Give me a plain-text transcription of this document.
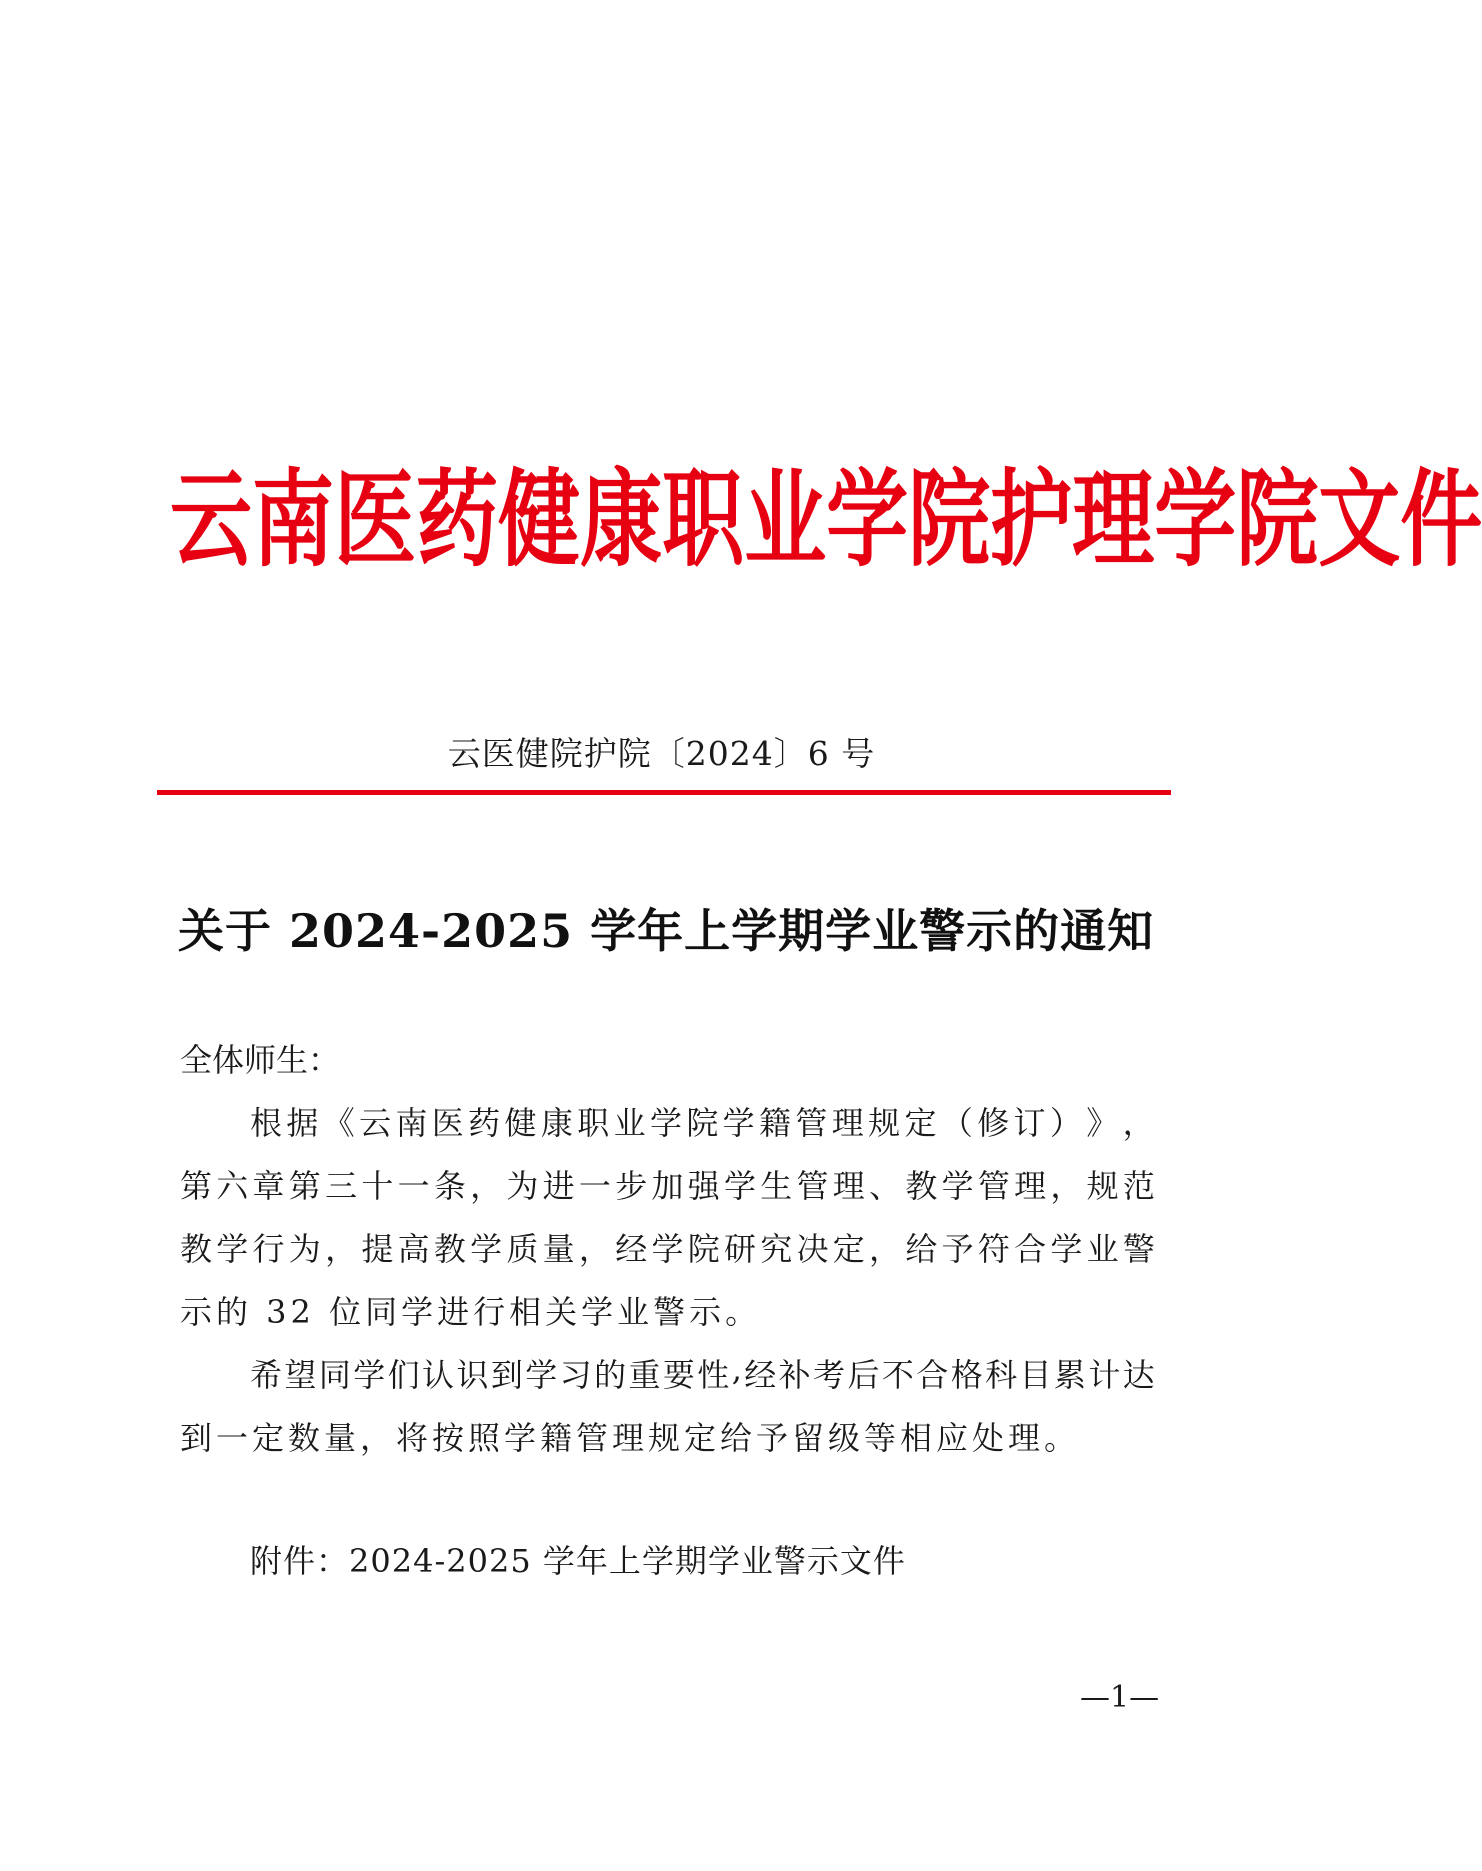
云 南 医 药 健 康 职 业 学 院 护 理 学 院 文 件
云医健院护院〔2024〕6 号
关于 2024-2025 学年上学期学业警示的通知
全体师生：
根 据 《 云 南 医 药 健 康 职 业 学 院 学 籍 管 理 规 定 （ 修 订 ） 》 ，
第 六 章 第 三 十 一 条 ， 为 进 一 步 加 强 学 生 管 理 、 教 学 管 理 ， 规 范
教 学 行 为 ， 提 高 教 学 质 量 ， 经 学 院 研 究 决 定 ， 给 予 符 合 学 业 警
示的 32 位同学进行相关学业警示。
希 望 同 学 们 认 识 到 学 习 的 重 要 性 , 经 补 考 后 不 合 格 科 目 累 计 达
到一定数量，将按照学籍管理规定给予留级等相应处理。
附件：2024-2025 学年上学期学业警示文件
—1—
